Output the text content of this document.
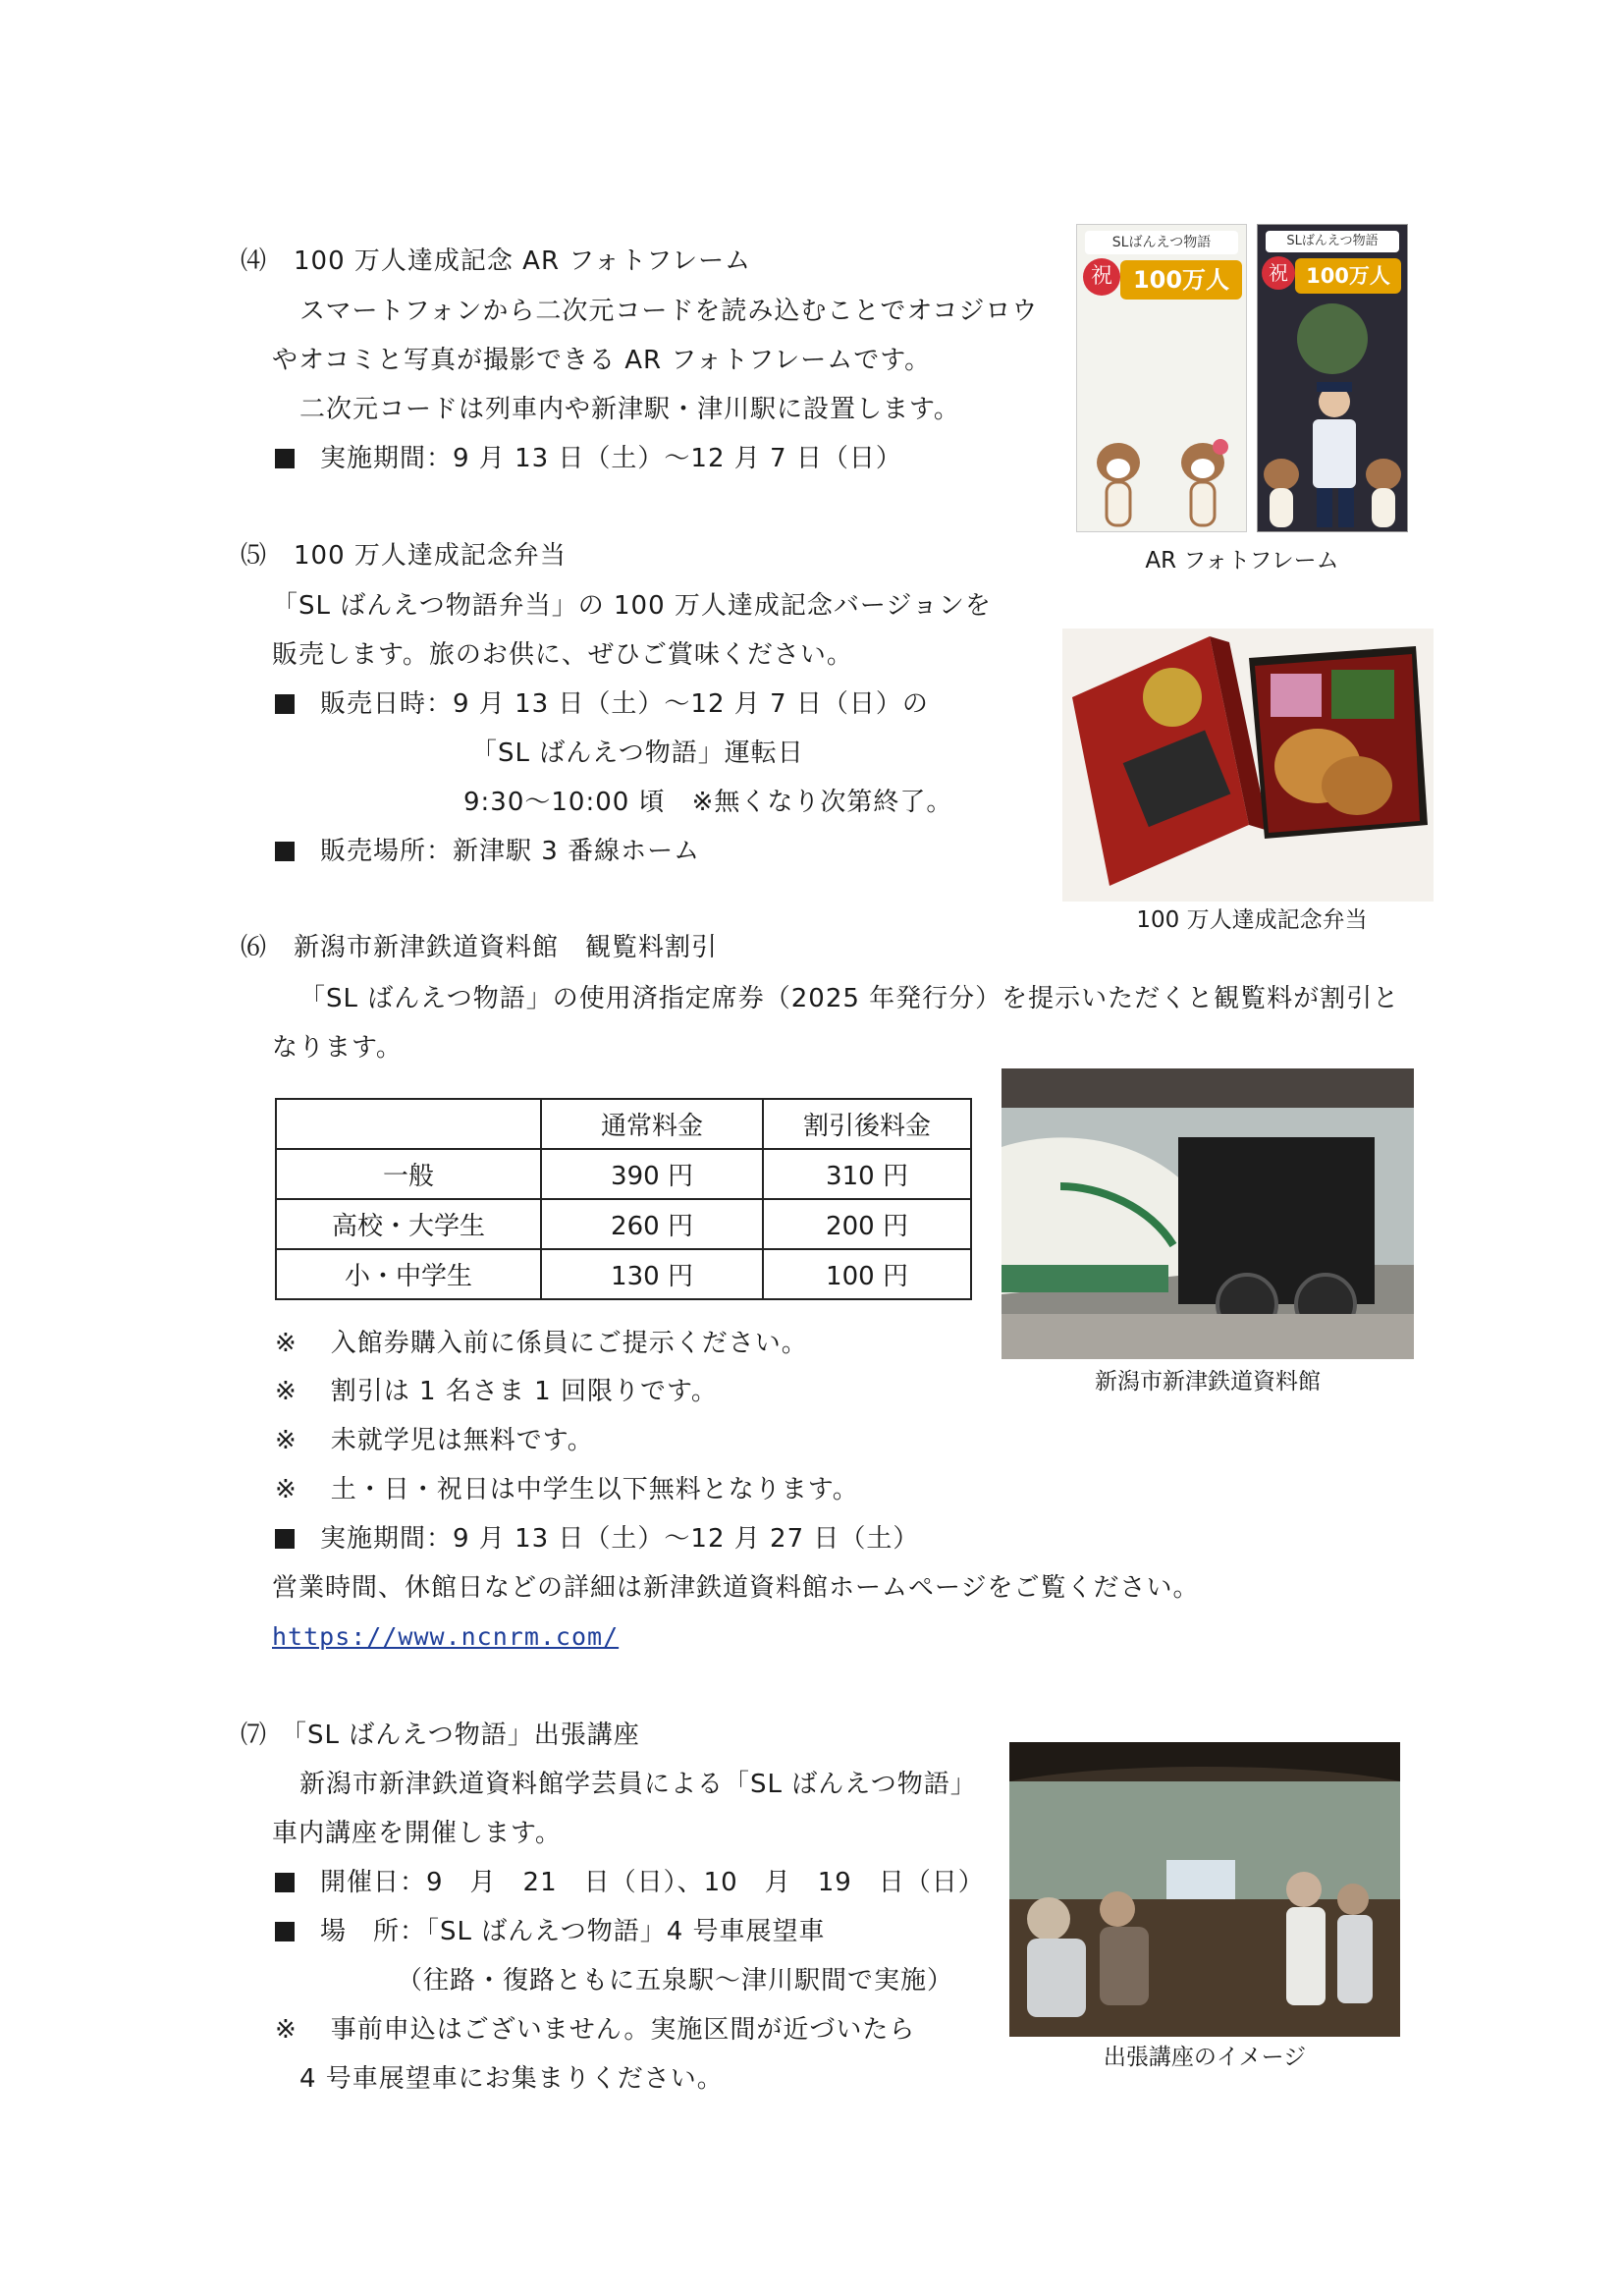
⑷　100 万人達成記念 AR フォトフレーム
スマートフォンから二次元コードを読み込むことでオコジロウ
やオコミと写真が撮影できる AR フォトフレームです。
二次元コードは列車内や新津駅・津川駅に設置します。
実施期間：9 月 13 日（土）～12 月 7 日（日）
SLばんえつ物語
祝 100万人
SLばんえつ物語
祝 100万人
AR フォトフレーム
⑸　100 万人達成記念弁当
「SL ばんえつ物語弁当」の 100 万人達成記念バージョンを
販売します。旅のお供に、ぜひご賞味ください。
販売日時：9 月 13 日（土）～12 月 7 日（日）の
「SL ばんえつ物語」運転日
9:30～10:00 頃　※無くなり次第終了。
販売場所：新津駅 3 番線ホーム
100 万人達成記念弁当
⑹　新潟市新津鉄道資料館　観覧料割引
「SL ばんえつ物語」の使用済指定席券（2025 年発行分）を提示いただくと観覧料が割引と
なります。
	通常料金	割引後料金
一般	390 円	310 円
高校・大学生	260 円	200 円
小・中学生	130 円	100 円
新潟市新津鉄道資料館
※ 入館券購入前に係員にご提示ください。
※ 割引は 1 名さま 1 回限りです。
※ 未就学児は無料です。
※ 土・日・祝日は中学生以下無料となります。
実施期間：9 月 13 日（土）～12 月 27 日（土）
営業時間、休館日などの詳細は新津鉄道資料館ホームページをご覧ください。
https://www.ncnrm.com/
⑺　「SL ばんえつ物語」出張講座
新潟市新津鉄道資料館学芸員による「SL ばんえつ物語」
車内講座を開催します。
開催日：9　月　21　日（日）、10　月　19　日（日）
場　所：「SL ばんえつ物語」4 号車展望車
（往路・復路ともに五泉駅～津川駅間で実施）
※ 事前申込はございません。実施区間が近づいたら
4 号車展望車にお集まりください。
出張講座のイメージ
